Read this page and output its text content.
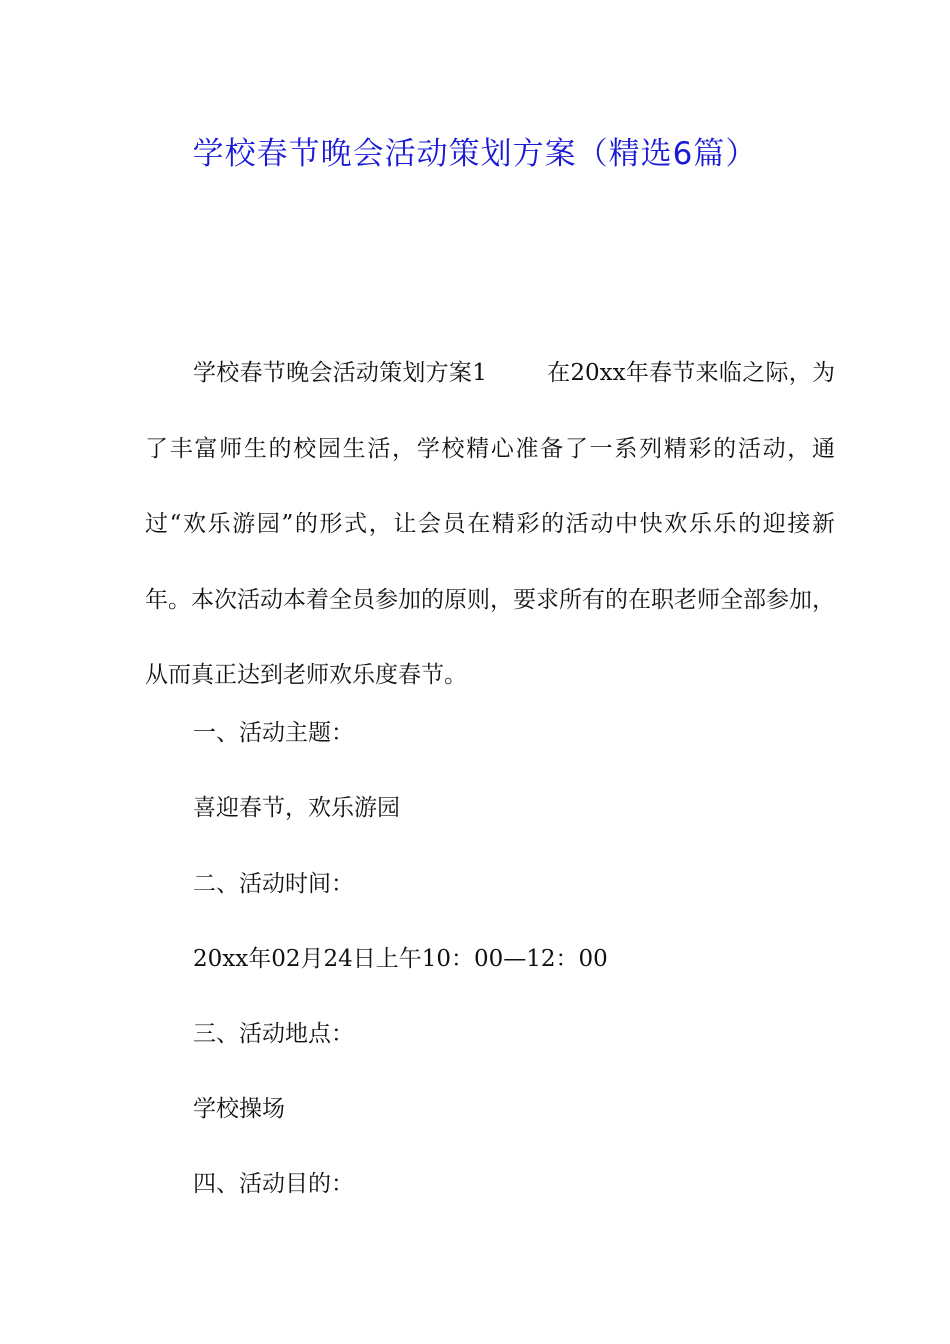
学校春节晚会活动策划方案（精选6篇）

学校春节晚会活动策划方案1	在20xx年春节来临之际，为了丰富师生的校园生活，学校精心准备了一系列精彩的活动，通过“欢乐游园”的形式，让会员在精彩的活动中快欢乐乐的迎接新年。本次活动本着全员参加的原则，要求所有的在职老师全部参加，从而真正达到老师欢乐度春节。

一、活动主题：

喜迎春节，欢乐游园

二、活动时间：

20xx年02月24日上午10：00—12：00

三、活动地点：

学校操场

四、活动目的：
